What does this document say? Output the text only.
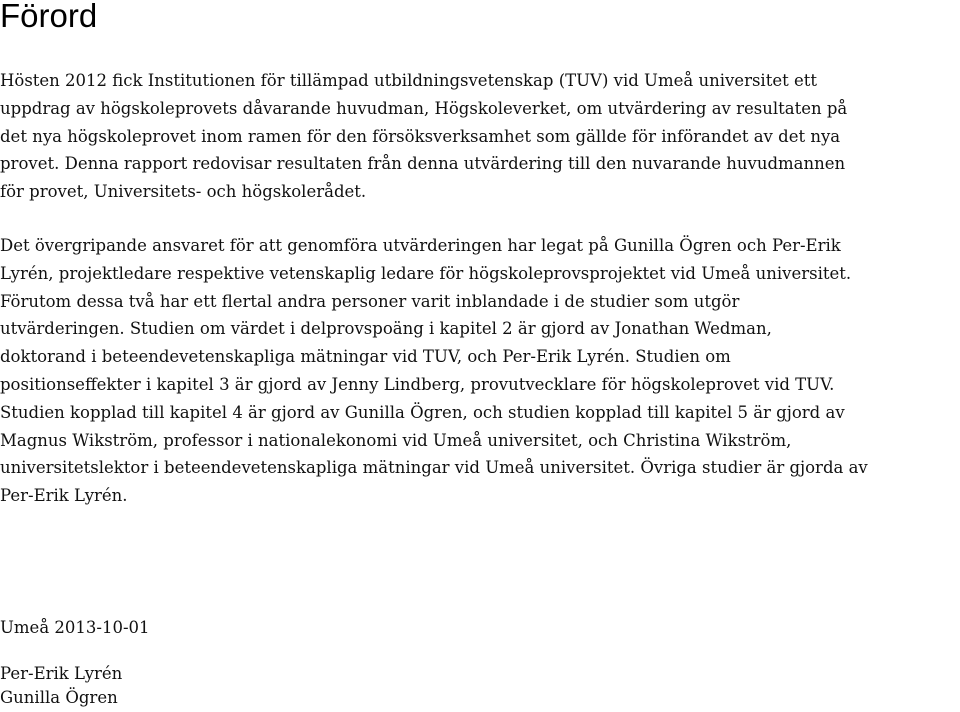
Förord
Hösten 2012 fick Institutionen för tillämpad utbildningsvetenskap (TUV) vid Umeå universitet ett
uppdrag av högskoleprovets dåvarande huvudman, Högskoleverket, om utvärdering av resultaten på
det nya högskoleprovet inom ramen för den försöksverksamhet som gällde för införandet av det nya
provet. Denna rapport redovisar resultaten från denna utvärdering till den nuvarande huvudmannen
för provet, Universitets- och högskolerådet.
Det övergripande ansvaret för att genomföra utvärderingen har legat på Gunilla Ögren och Per-Erik
Lyrén, projektledare respektive vetenskaplig ledare för högskoleprovsprojektet vid Umeå universitet.
Förutom dessa två har ett flertal andra personer varit inblandade i de studier som utgör
utvärderingen. Studien om värdet i delprovspoäng i kapitel 2 är gjord av Jonathan Wedman,
doktorand i beteendevetenskapliga mätningar vid TUV, och Per-Erik Lyrén. Studien om
positionseffekter i kapitel 3 är gjord av Jenny Lindberg, provutvecklare för högskoleprovet vid TUV.
Studien kopplad till kapitel 4 är gjord av Gunilla Ögren, och studien kopplad till kapitel 5 är gjord av
Magnus Wikström, professor i nationalekonomi vid Umeå universitet, och Christina Wikström,
universitetslektor i beteendevetenskapliga mätningar vid Umeå universitet. Övriga studier är gjorda av
Per-Erik Lyrén.

Umeå 2013-10-01

Per-Erik Lyrén

Gunilla Ögren
